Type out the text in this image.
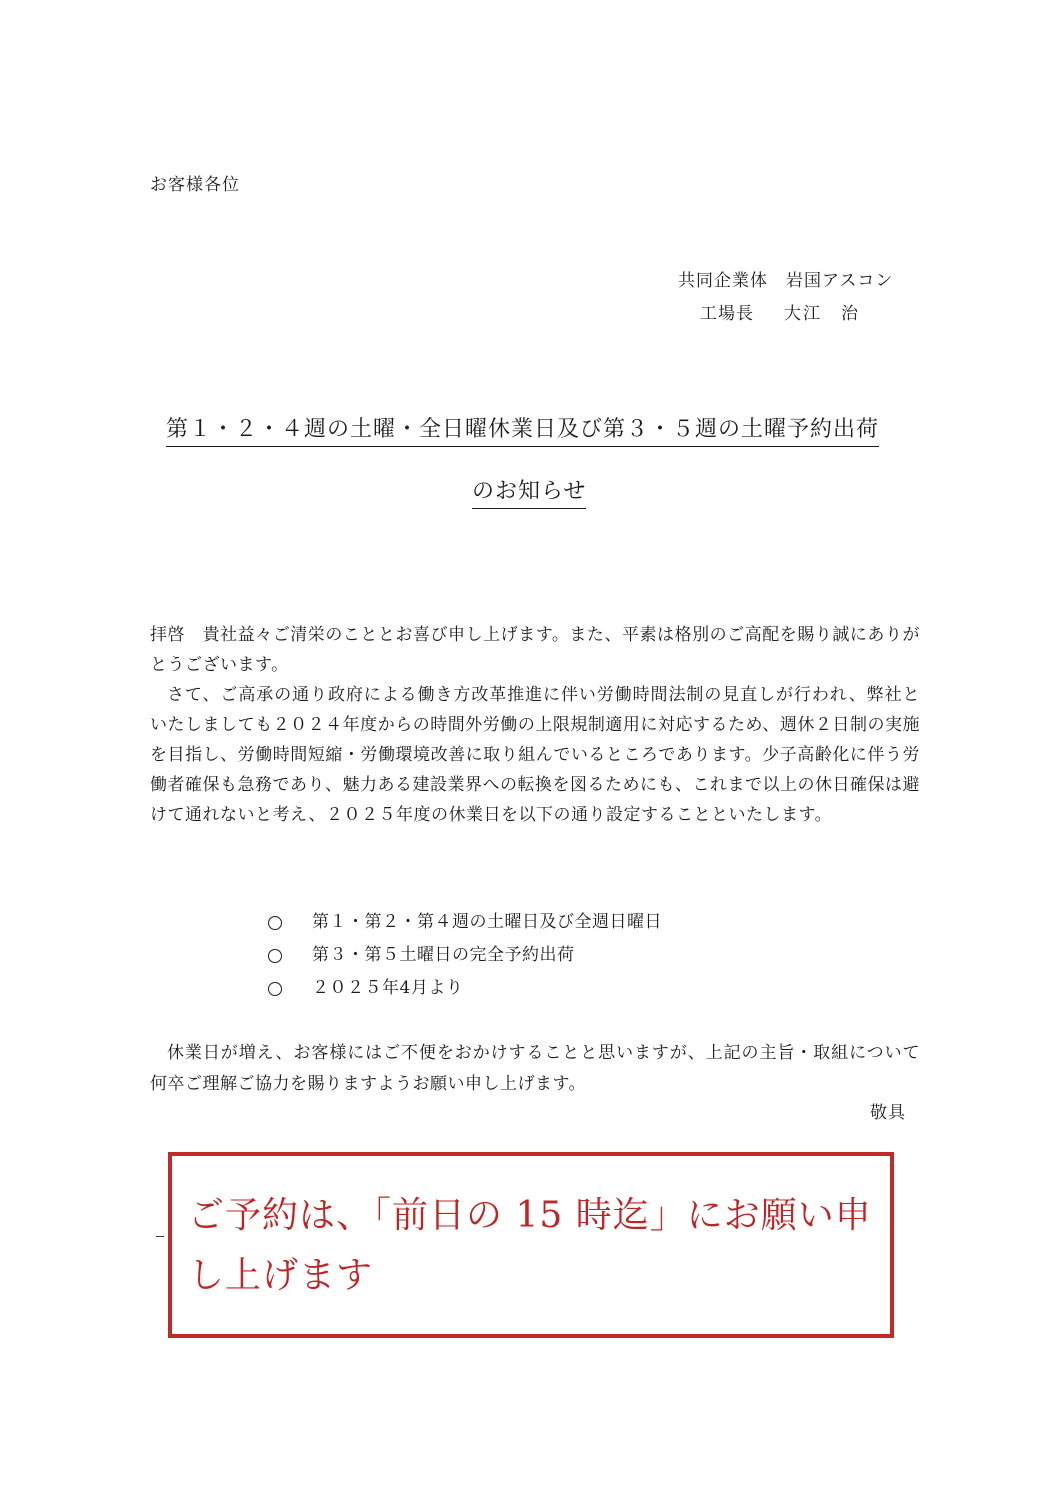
お客様各位
共同企業体　岩国アスコン
工場長 大江　治
第１・２・４週の土曜・全日曜休業日及び第３・５週の土曜予約出荷
のお知らせ

拝啓　貴社益々ご清栄のこととお喜び申し上げます。また、平素は格別のご高配を賜り誠にありがとうございます。

さて、ご高承の通り政府による働き方改革推進に伴い労働時間法制の見直しが行われ、弊社といたしましても２０２４年度からの時間外労働の上限規制適用に対応するため、週休２日制の実施を目指し、労働時間短縮・労働環境改善に取り組んでいるところであります。少子高齢化に伴う労働者確保も急務であり、魅力ある建設業界への転換を図るためにも、これまで以上の休日確保は避けて通れないと考え、２０２５年度の休業日を以下の通り設定することといたします。

第１・第２・第４週の土曜日及び全週日曜日
第３・第５土曜日の完全予約出荷
２０２５年4月より

休業日が増え、お客様にはご不便をおかけすることと思いますが、上記の主旨・取組について何卒ご理解ご協力を賜りますようお願い申し上げます。

敬具
ご予約は、「前日の 15 時迄」にお願い申し上げます
